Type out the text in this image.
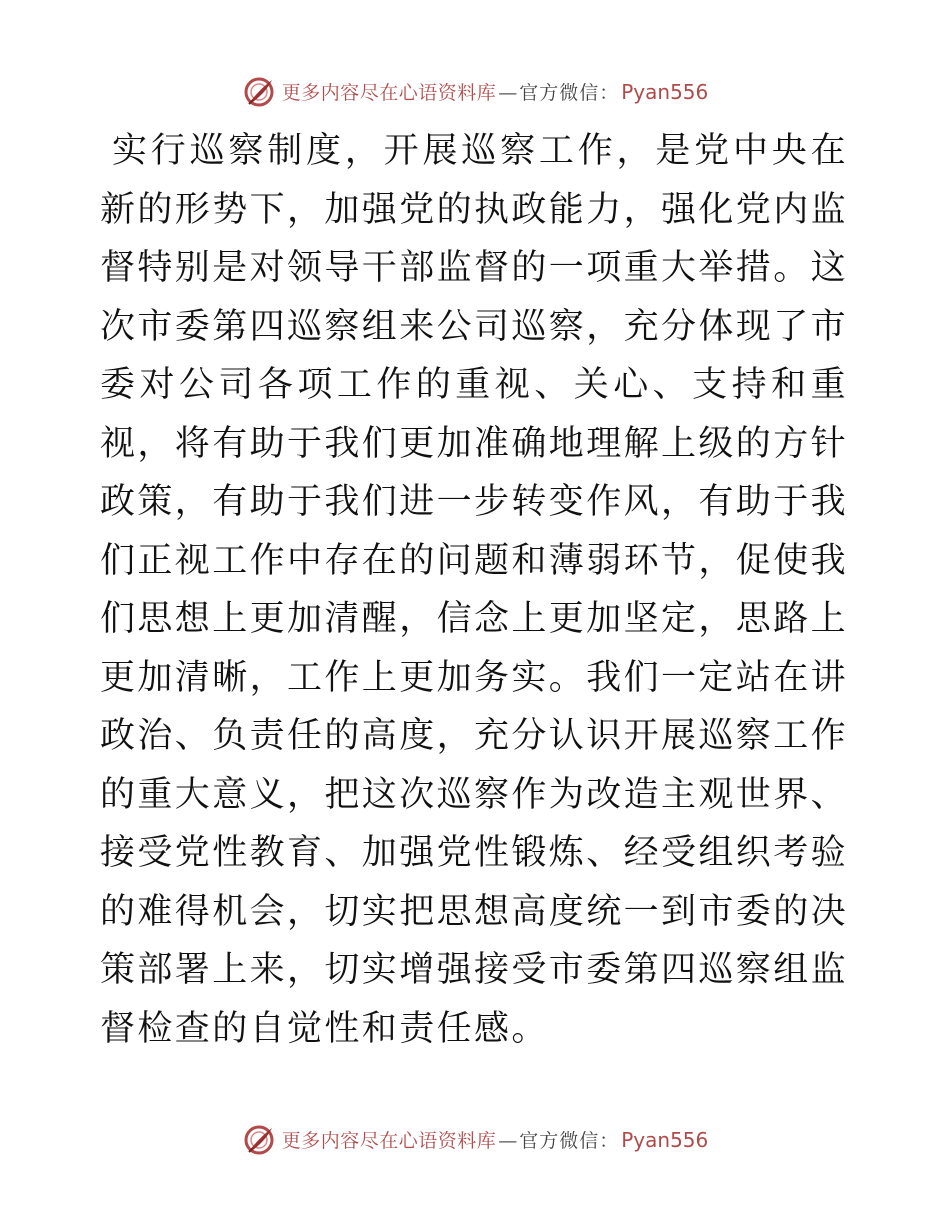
更多内容尽在心语资料库 — 官方微信： Pyan556

实行巡察制度，开展巡察工作，是党中央在新的形势下，加强党的执政能力，强化党内监督特别是对领导干部监督的一项重大举措。这次市委第四巡察组来公司巡察，充分体现了市委对公司各项工作的重视、关心、支持和重视，将有助于我们更加准确地理解上级的方针政策，有助于我们进一步转变作风，有助于我们正视工作中存在的问题和薄弱环节，促使我们思想上更加清醒，信念上更加坚定，思路上更加清晰，工作上更加务实。我们一定站在讲政治、负责任的高度，充分认识开展巡察工作的重大意义，把这次巡察作为改造主观世界、接受党性教育、加强党性锻炼、经受组织考验的难得机会，切实把思想高度统一到市委的决策部署上来，切实增强接受市委第四巡察组监督检查的自觉性和责任感。

更多内容尽在心语资料库 — 官方微信： Pyan556
